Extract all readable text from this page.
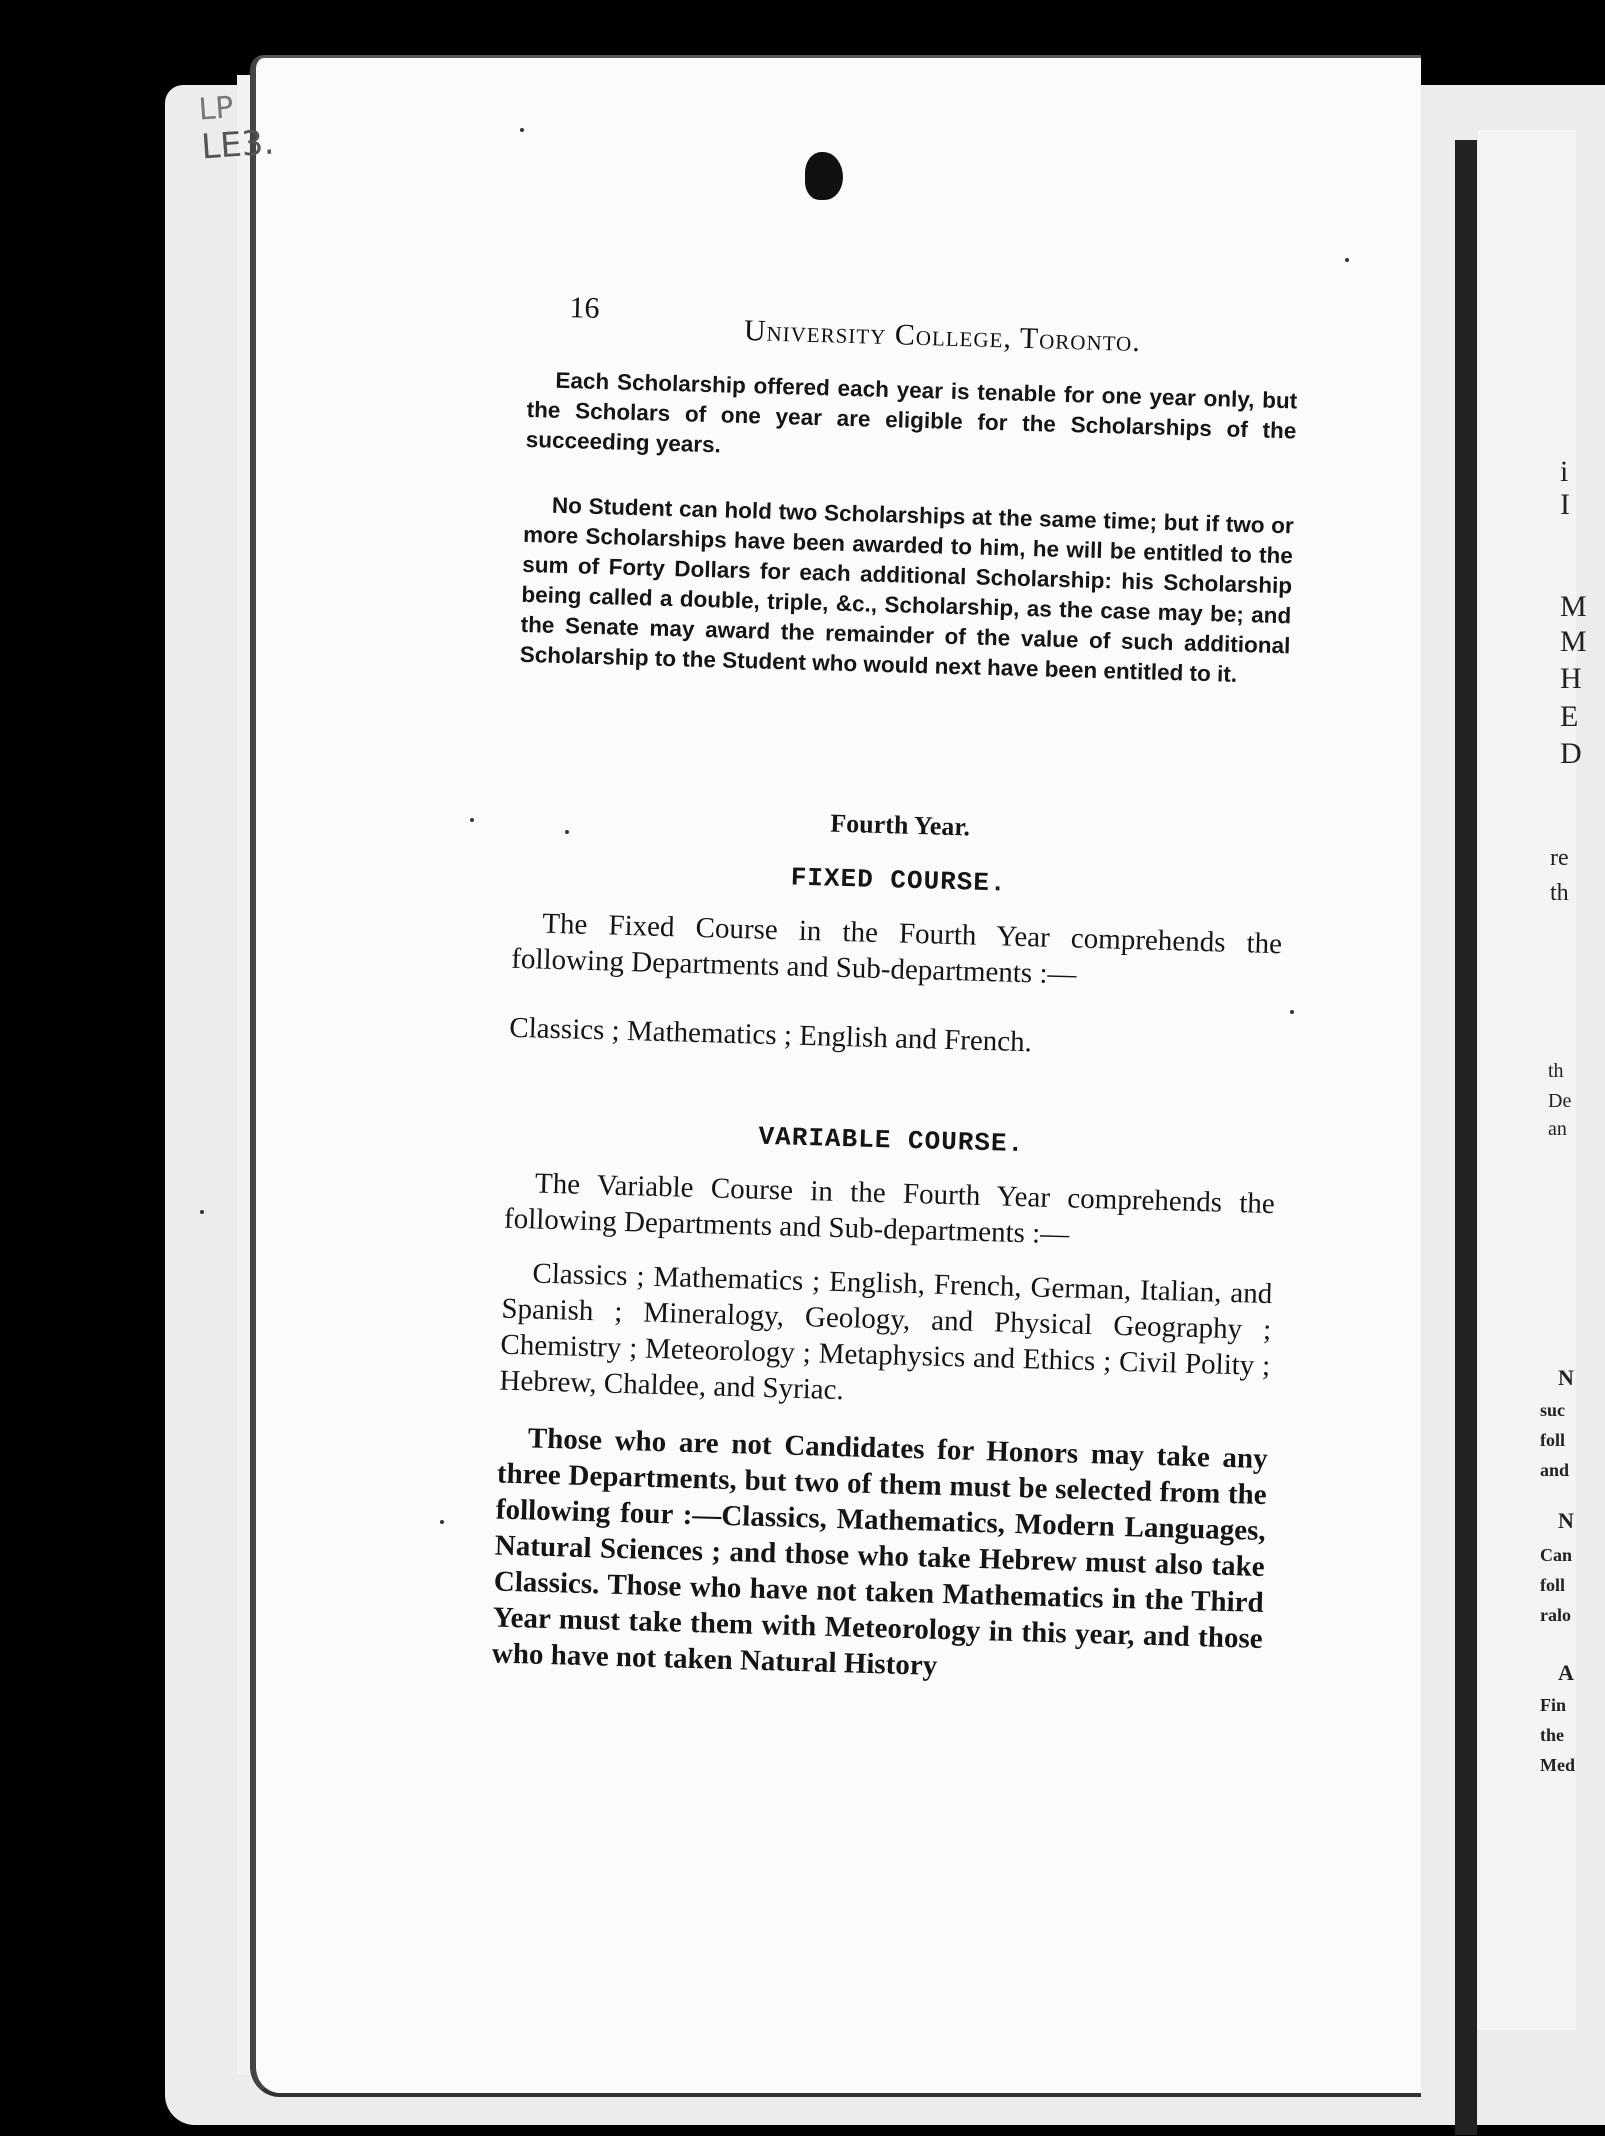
LP
LE3.
16
University College, Toronto.
Each Scholarship offered each year is tenable for one year only, but the Scholars of one year are eligible for the Scholarships of the succeeding years.
No Student can hold two Scholarships at the same time; but if two or more Scholarships have been awarded to him, he will be entitled to the sum of Forty Dollars for each additional Scholarship: his Scholarship being called a double, triple, &c., Scholarship, as the case may be; and the Senate may award the remainder of the value of such additional Scholarship to the Student who would next have been entitled to it.
Fourth Year.
FIXED COURSE.
The Fixed Course in the Fourth Year comprehends the following Departments and Sub-departments :—
Classics ; Mathematics ; English and French.
VARIABLE COURSE.
The Variable Course in the Fourth Year comprehends the following Departments and Sub-departments :—
Classics ; Mathematics ; English, French, German, Italian, and Spanish ; Mineralogy, Geology, and Physical Geography ; Chemistry ; Meteorology ; Metaphysics and Ethics ; Civil Polity ; Hebrew, Chaldee, and Syriac.
Those who are not Candidates for Honors may take any three Departments, but two of them must be selected from the following four :—Classics, Mathematics, Modern Languages, Natural Sciences ; and those who take Hebrew must also take Classics. Those who have not taken Mathematics in the Third Year must take them with Meteorology in this year, and those who have not taken Natural History
i
I
M
M
H
E
D
re
th
th
De
an
N
suc
foll
and
N
Can
foll
ralo
A
Fin
the
Med
